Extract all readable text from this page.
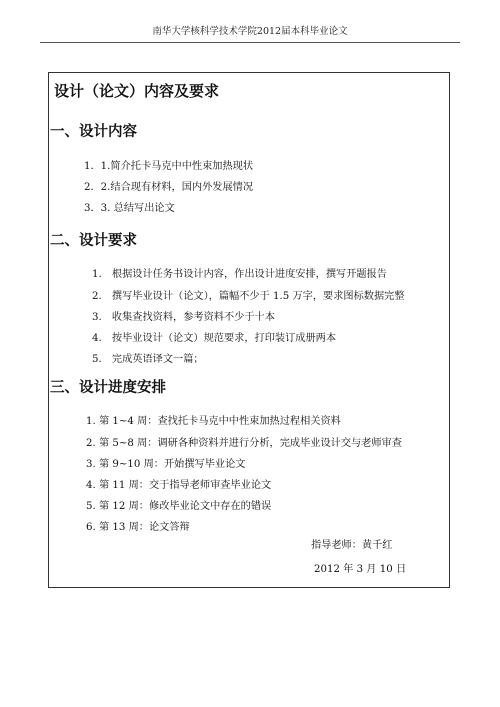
南华大学核科学技术学院2012届本科毕业论文
设计（论文）内容及要求
一、设计内容
1．1.简介托卡马克中中性束加热现状
2．2.结合现有材料，国内外发展情况
3．3. 总结写出论文
二、设计要求
1.　根据设计任务书设计内容，作出设计进度安排，撰写开题报告
2.　撰写毕业设计（论文），篇幅不少于 1.5 万字，要求图标数据完整
3.　收集查找资料，参考资料不少于十本
4.　按毕业设计（论文）规范要求，打印装订成册两本
5.　完成英语译文一篇；
三、设计进度安排
1. 第 1~4 周：查找托卡马克中中性束加热过程相关资料
2. 第 5~8 周：调研各种资料并进行分析，完成毕业设计交与老师审查
3. 第 9~10 周：开始撰写毕业论文
4. 第 11 周：交于指导老师审查毕业论文
5. 第 12 周：修改毕业论文中存在的错误
6. 第 13 周：论文答辩
指导老师：黄千红
2012 年 3 月 10 日
